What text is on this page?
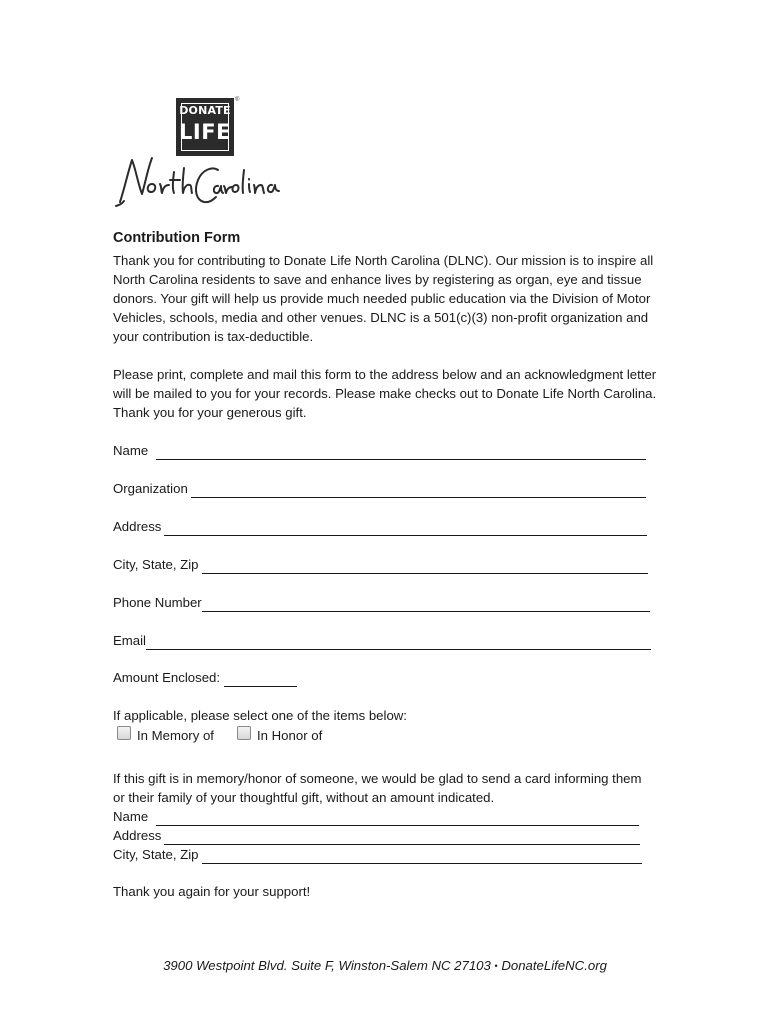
DONATE
LIFE
®
Contribution Form
Thank you for contributing to Donate Life North Carolina (DLNC). Our mission is to inspire all North Carolina residents to save and enhance lives by registering as organ, eye and tissue donors. Your gift will help us provide much needed public education via the Division of Motor Vehicles, schools, media and other venues. DLNC is a 501(c)(3) non-profit organization and your contribution is tax-deductible.
Please print, complete and mail this form to the address below and an acknowledgment letter will be mailed to you for your records. Please make checks out to Donate Life North Carolina. Thank you for your generous gift.
Name
Organization
Address
City, State, Zip
Phone Number
Email
Amount Enclosed:
If applicable, please select one of the items below:
In Memory of	In Honor of
If this gift is in memory/honor of someone, we would be glad to send a card informing them or their family of your thoughtful gift, without an amount indicated.
Name
Address
City, State, Zip
Thank you again for your support!
3900 Westpoint Blvd. Suite F, Winston-Salem NC 27103 • DonateLifeNC.org
